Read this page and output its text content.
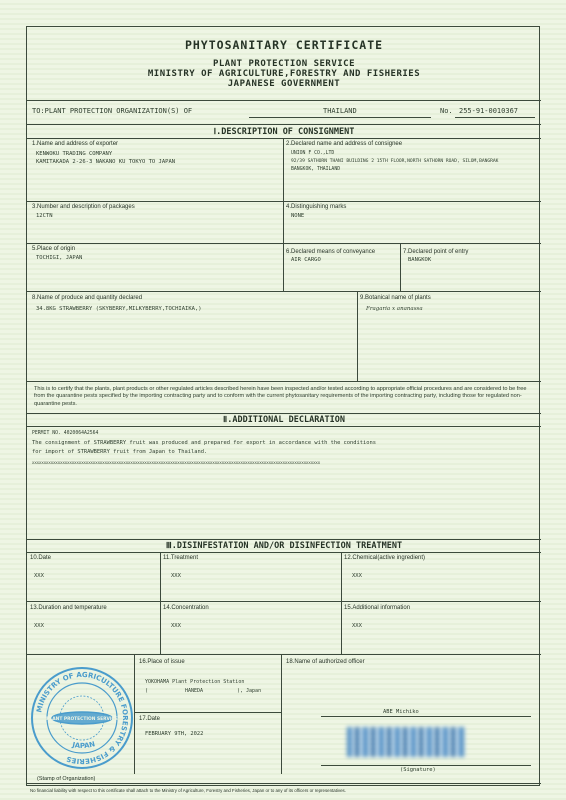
PHYTOSANITARY CERTIFICATE
PLANT PROTECTION SERVICE
MINISTRY OF AGRICULTURE,FORESTRY AND FISHERIES
JAPANESE GOVERNMENT
TO:PLANT PROTECTION ORGANIZATION(S) OF	THAILAND	No. 255-91-0010367
Ⅰ.DESCRIPTION OF CONSIGNMENT
1.Name and address of exporter
KENWOKU TRADING COMPANY
KAMITAKADA 2-26-3 NAKANO KU TOKYO TO JAPAN
2.Declared name and address of consignee
UNION F CO.,LTD
92/39 SATHORN THANI BUILDING 2 15TH FLOOR,NORTH SATHORN ROAD, SILOM,BANGRAK
BANGKOK, THAILAND
3.Number and description of packages
12CTN
4.Distinguishing marks
NONE
5.Place of origin
TOCHIGI, JAPAN
6.Declared means of conveyance
AIR CARGO
7.Declared point of entry
BANGKOK
8.Name of produce and quantity declared
34.8KG STRAWBERRY (SKYBERRY,MILKYBERRY,TOCHIAIKA,)
9.Botanical name of plants
Fragaria x ananassa
This is to certify that the plants, plant products or other regulated articles described herein have been inspected and/or tested according to appropriate official procedures and are considered to be free from the quarantine pests specified by the importing contracting party and to conform with the current phytosanitary requirements of the importing contracting party, including those for regulated non-quarantine pests.
Ⅱ.ADDITIONAL DECLARATION
PERMIT NO. 4020064A2564
The consignment of STRAWBERRY fruit was produced and prepared for export in accordance with the conditions
for import of STRAWBERRY fruit from Japan to Thailand.
XXXXXXXXXXXXXXXXXXXXXXXXXXXXXXXXXXXXXXXXXXXXXXXXXXXXXXXXXXXXXXXXXXXXXXXXXXXXXXXXXXXXXXXXXXXXXXXXXXXXXXXXXXXXXXXXXXXXXXXXXXX
Ⅲ.DISINFESTATION AND/OR DISINFECTION TREATMENT
10.Date
XXX
11.Treatment
XXX
12.Chemical(active ingredient)
XXX
13.Duration and temperature
XXX
14.Concentration
XXX
15.Additional information
XXX
16.Place of issue
YOKOHAMA Plant Protection Station
(	HANEDA	), Japan
17.Date
FEBRUARY 9TH, 2022
18.Name of authorized officer
ABE Michiko
(Signature)
MINISTRY OF AGRICULTURE FORESTRY & FISHERIES
PLANT PROTECTION SERVICE
JAPAN
(Stamp of Organization)
No financial liability with respect to this certificate shall attach to the Ministry of Agriculture, Forestry and Fisheries, Japan or to any of its officers or representatives.
